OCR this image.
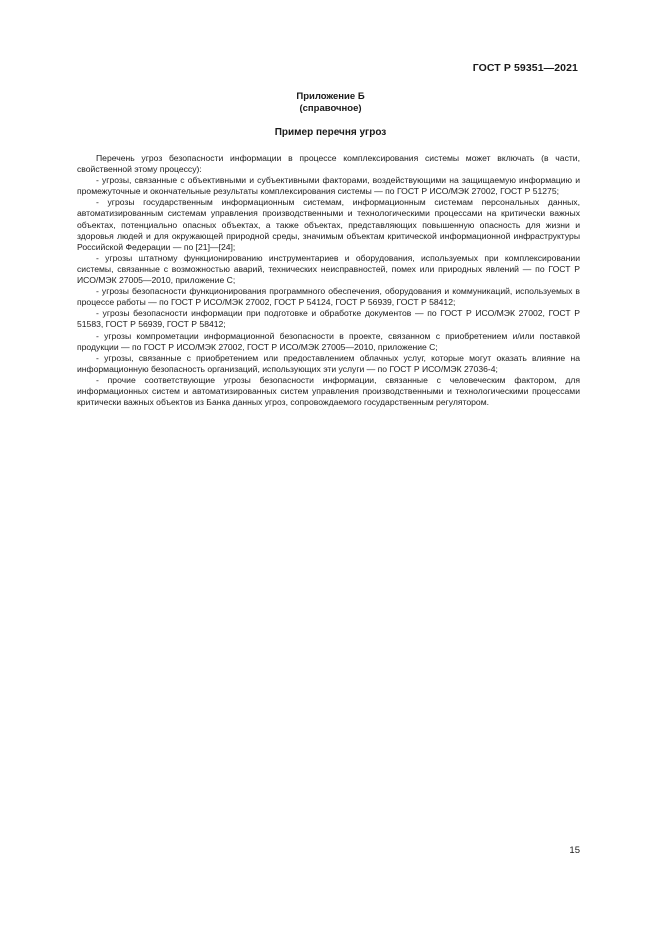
ГОСТ Р 59351—2021
Приложение Б
(справочное)
Пример перечня угроз

Перечень угроз безопасности информации в процессе комплексирования системы может включать (в части, свойственной этому процессу):

- угрозы, связанные с объективными и субъективными факторами, воздействующими на защищаемую информацию и промежуточные и окончательные результаты комплексирования системы — по ГОСТ Р ИСО/МЭК 27002, ГОСТ Р 51275;

- угрозы государственным информационным системам, информационным системам персональных данных, автоматизированным системам управления производственными и технологическими процессами на критически важных объектах, потенциально опасных объектах, а также объектах, представляющих повышенную опасность для жизни и здоровья людей и для окружающей природной среды, значимым объектам критической информационной инфраструктуры Российской Федерации — по [21]—[24];

- угрозы штатному функционированию инструментариев и оборудования, используемых при комплексировании системы, связанные с возможностью аварий, технических неисправностей, помех или природных явлений — по ГОСТ Р ИСО/МЭК 27005—2010, приложение С;

- угрозы безопасности функционирования программного обеспечения, оборудования и коммуникаций, используемых в процессе работы — по ГОСТ Р ИСО/МЭК 27002, ГОСТ Р 54124, ГОСТ Р 56939, ГОСТ Р 58412;

- угрозы безопасности информации при подготовке и обработке документов — по ГОСТ Р ИСО/МЭК 27002, ГОСТ Р 51583, ГОСТ Р 56939, ГОСТ Р 58412;

- угрозы компрометации информационной безопасности в проекте, связанном с приобретением и/или поставкой продукции — по ГОСТ Р ИСО/МЭК 27002, ГОСТ Р ИСО/МЭК 27005—2010, приложение С;

- угрозы, связанные с приобретением или предоставлением облачных услуг, которые могут оказать влияние на информационную безопасность организаций, использующих эти услуги — по ГОСТ Р ИСО/МЭК 27036-4;

- прочие соответствующие угрозы безопасности информации, связанные с человеческим фактором, для информационных систем и автоматизированных систем управления производственными и технологическими процессами критически важных объектов из Банка данных угроз, сопровождаемого государственным регулятором.

15
